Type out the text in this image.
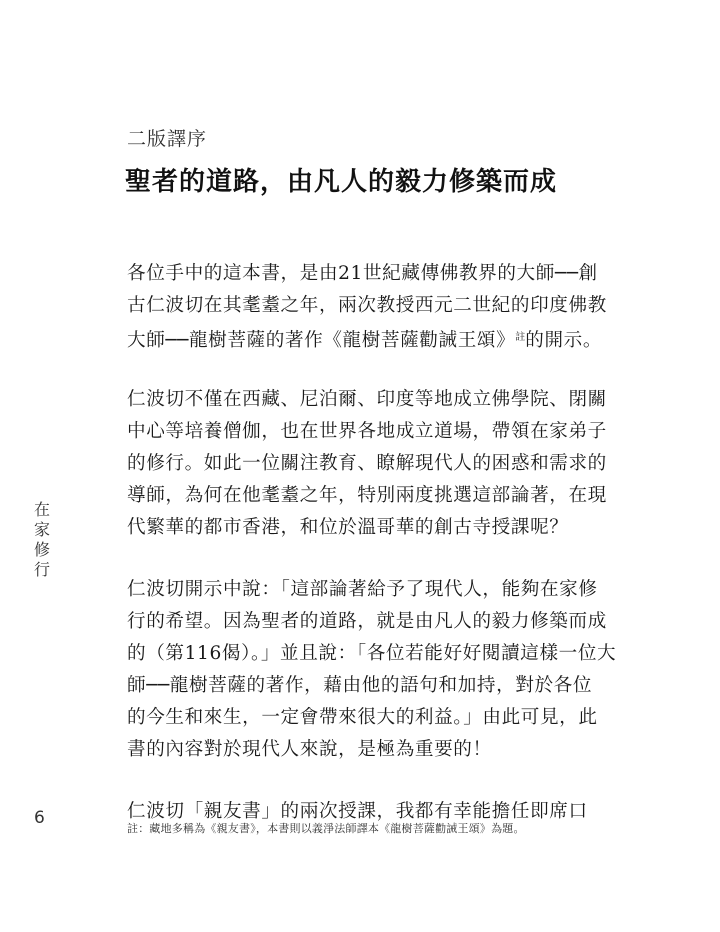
二版譯序
聖者的道路，由凡人的毅力修築而成
各位手中的這本書，是由21世紀藏傳佛教界的大師──創
古仁波切在其耄耋之年，兩次教授西元二世紀的印度佛教
大師──龍樹菩薩的著作《龍樹菩薩勸誡王頌》$^註$的開示。
仁波切不僅在西藏、尼泊爾、印度等地成立佛學院、閉關
中心等培養僧伽，也在世界各地成立道場，帶領在家弟子
的修行。如此一位關注教育、瞭解現代人的困惑和需求的
導師，為何在他耄耋之年，特別兩度挑選這部論著，在現
代繁華的都市香港，和位於溫哥華的創古寺授課呢？
仁波切開示中說：「這部論著給予了現代人，能夠在家修
行的希望。因為聖者的道路，就是由凡人的毅力修築而成
的（第116偈）。」並且說：「各位若能好好閱讀這樣一位大
師──龍樹菩薩的著作，藉由他的語句和加持，對於各位
的今生和來生，一定會帶來很大的利益。」由此可見，此
書的內容對於現代人來說，是極為重要的！
仁波切「親友書」的兩次授課，我都有幸能擔任即席口
在
家
修
行
6
註：藏地多稱為《親友書》，本書則以義淨法師譯本《龍樹菩薩勸誡王頌》為題。
